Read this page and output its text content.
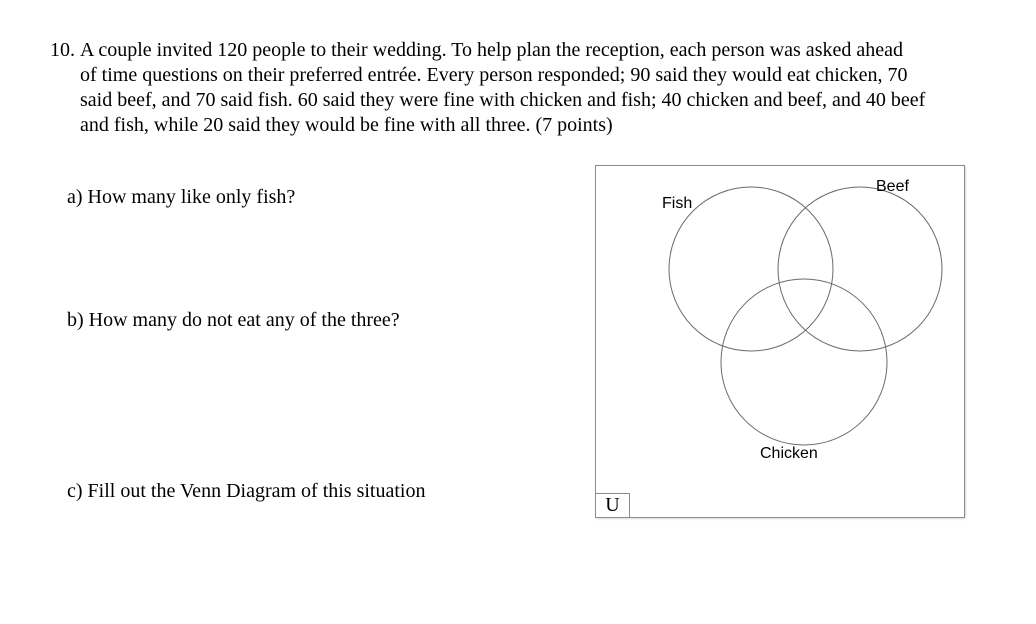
10. A couple invited 120 people to their wedding. To help plan the reception, each person was asked ahead
of time questions on their preferred entrée. Every person responded; 90 said they would eat chicken, 70
said beef, and 70 said fish. 60 said they were fine with chicken and fish; 40 chicken and beef, and 40 beef
and fish, while 20 said they would be fine with all three. (7 points)
a) How many like only fish?
b) How many do not eat any of the three?
c) Fill out the Venn Diagram of this situation
Fish
Beef
Chicken
U
